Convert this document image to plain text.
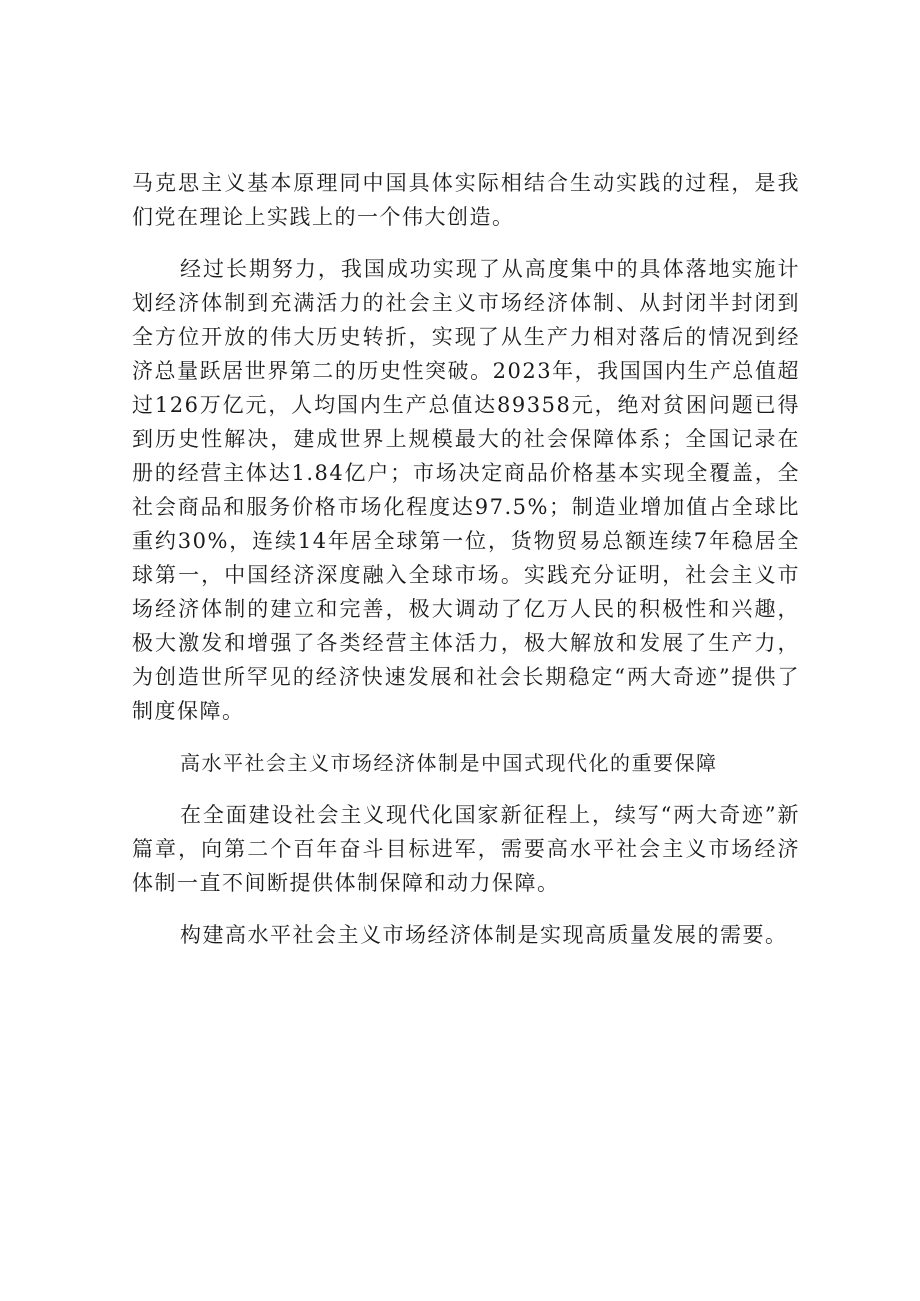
马克思主义基本原理同中国具体实际相结合生动实践的过程，是我们党在理论上实践上的一个伟大创造。

经过长期努力，我国成功实现了从高度集中的具体落地实施计划经济体制到充满活力的社会主义市场经济体制、从封闭半封闭到全方位开放的伟大历史转折，实现了从生产力相对落后的情况到经济总量跃居世界第二的历史性突破。2023年，我国国内生产总值超过126万亿元，人均国内生产总值达89358元，绝对贫困问题已得到历史性解决，建成世界上规模最大的社会保障体系；全国记录在册的经营主体达1.84亿户；市场决定商品价格基本实现全覆盖，全社会商品和服务价格市场化程度达97.5%；制造业增加值占全球比重约30%，连续14年居全球第一位，货物贸易总额连续7年稳居全球第一，中国经济深度融入全球市场。实践充分证明，社会主义市场经济体制的建立和完善，极大调动了亿万人民的积极性和兴趣，极大激发和增强了各类经营主体活力，极大解放和发展了生产力，为创造世所罕见的经济快速发展和社会长期稳定“两大奇迹”提供了制度保障。

高水平社会主义市场经济体制是中国式现代化的重要保障

在全面建设社会主义现代化国家新征程上，续写“两大奇迹”新篇章，向第二个百年奋斗目标进军，需要高水平社会主义市场经济体制一直不间断提供体制保障和动力保障。

构建高水平社会主义市场经济体制是实现高质量发展的需要。
